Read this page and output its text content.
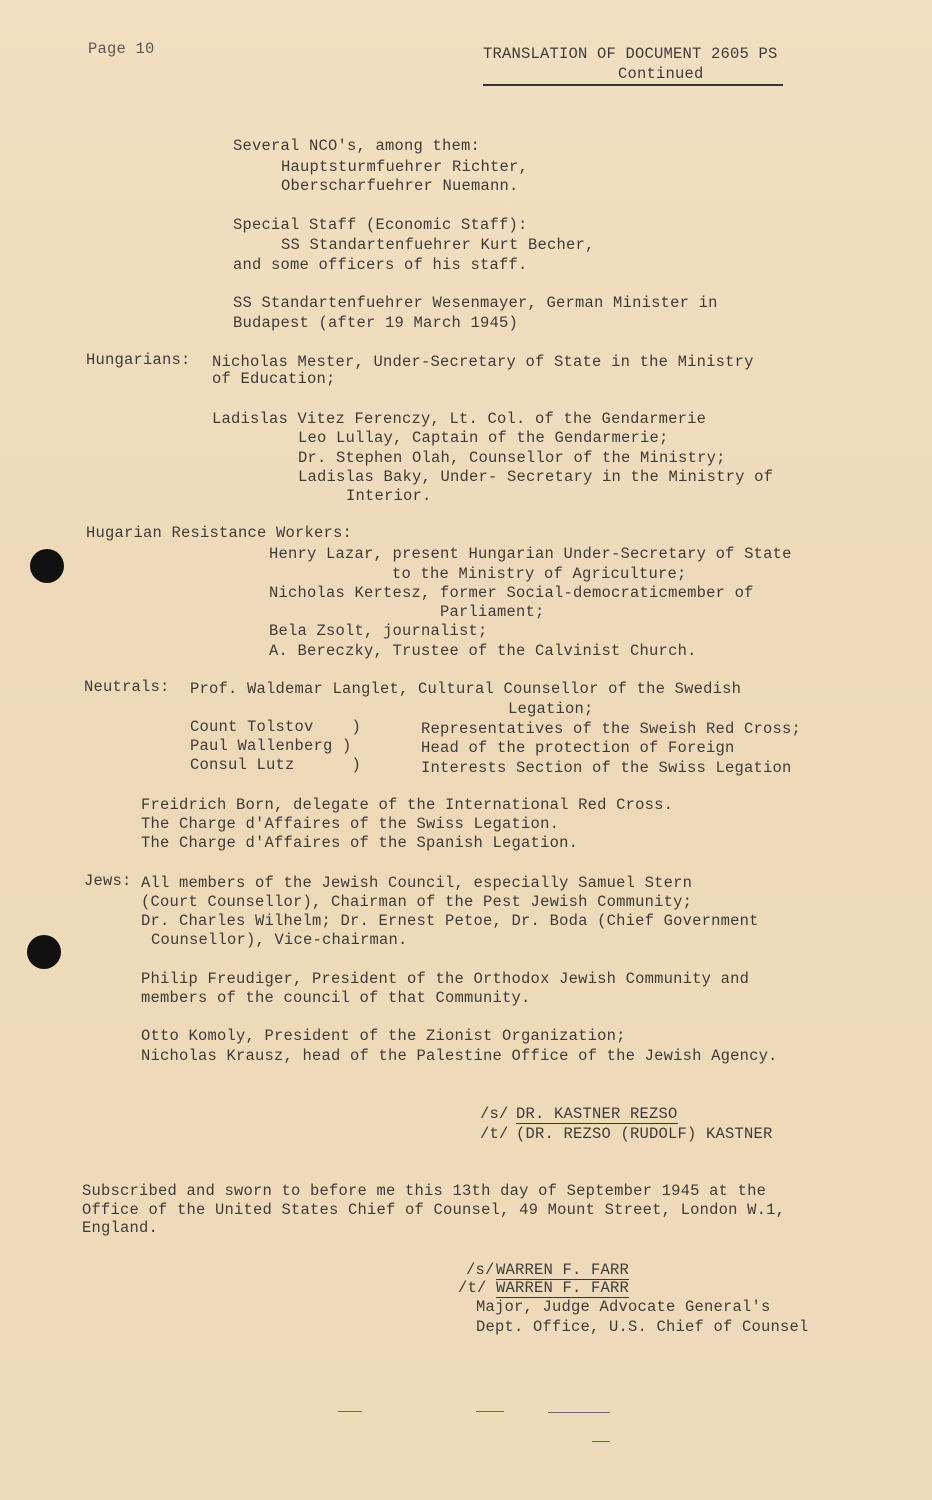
Page 10	TRANSLATION OF DOCUMENT 2605 PS
Continued
Several NCO's, among them:
Hauptsturmfuehrer Richter,
Oberscharfuehrer Nuemann.
Special Staff (Economic Staff):
SS Standartenfuehrer Kurt Becher,
and some officers of his staff.
SS Standartenfuehrer Wesenmayer, German Minister in
Budapest (after 19 March 1945)
Hungarians: Nicholas Mester, Under-Secretary of State in the Ministry
of Education;
Ladislas Vitez Ferenczy, Lt. Col. of the Gendarmerie
Leo Lullay, Captain of the Gendarmerie;
Dr. Stephen Olah, Counsellor of the Ministry;
Ladislas Baky, Under- Secretary in the Ministry of
Interior.
Hugarian Resistance Workers:
Henry Lazar, present Hungarian Under-Secretary of State
to the Ministry of Agriculture;
Nicholas Kertesz, former Social-democraticmember of
Parliament;
Bela Zsolt, journalist;
A. Bereczky, Trustee of the Calvinist Church.
Neutrals: Prof. Waldemar Langlet, Cultural Counsellor of the Swedish
Legation;
Count Tolstov    )
Paul Wallenberg )
Consul Lutz      )
Representatives of the Sweish Red Cross;
Head of the protection of Foreign
Interests Section of the Swiss Legation
Freidrich Born, delegate of the International Red Cross.
The Charge d'Affaires of the Swiss Legation.
The Charge d'Affaires of the Spanish Legation.
Jews: All members of the Jewish Council, especially Samuel Stern
(Court Counsellor), Chairman of the Pest Jewish Community;
Dr. Charles Wilhelm; Dr. Ernest Petoe, Dr. Boda (Chief Government
Counsellor), Vice-chairman.
Philip Freudiger, President of the Orthodox Jewish Community and
members of the council of that Community.
Otto Komoly, President of the Zionist Organization;
Nicholas Krausz, head of the Palestine Office of the Jewish Agency.
/s/ DR. KASTNER REZSO
/t/ (DR. REZSO (RUDOLF) KASTNER
Subscribed and sworn to before me this 13th day of September 1945 at the
Office of the United States Chief of Counsel, 49 Mount Street, London W.1,
England.
/s/ WARREN F. FARR
/t/ WARREN F. FARR
Major, Judge Advocate General's
Dept. Office, U.S. Chief of Counsel
